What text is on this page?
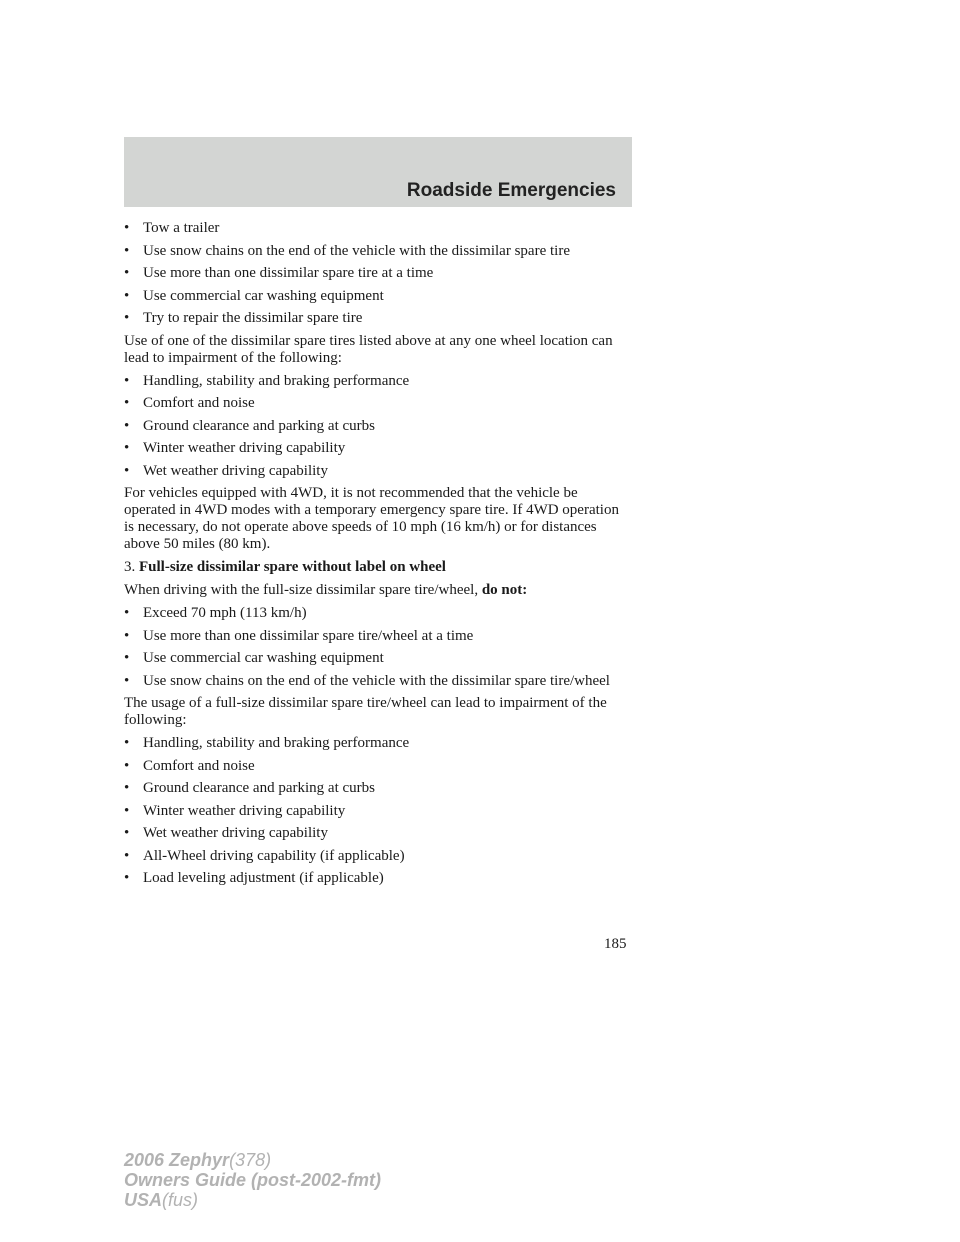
Roadside Emergencies
• Tow a trailer
• Use snow chains on the end of the vehicle with the dissimilar spare tire
• Use more than one dissimilar spare tire at a time
• Use commercial car washing equipment
• Try to repair the dissimilar spare tire
Use of one of the dissimilar spare tires listed above at any one wheel location can lead to impairment of the following:
• Handling, stability and braking performance
• Comfort and noise
• Ground clearance and parking at curbs
• Winter weather driving capability
• Wet weather driving capability
For vehicles equipped with 4WD, it is not recommended that the vehicle be operated in 4WD modes with a temporary emergency spare tire. If 4WD operation is necessary, do not operate above speeds of 10 mph (16 km/h) or for distances above 50 miles (80 km).
3. Full-size dissimilar spare without label on wheel
When driving with the full-size dissimilar spare tire/wheel, do not:
• Exceed 70 mph (113 km/h)
• Use more than one dissimilar spare tire/wheel at a time
• Use commercial car washing equipment
• Use snow chains on the end of the vehicle with the dissimilar spare tire/wheel
The usage of a full-size dissimilar spare tire/wheel can lead to impairment of the following:
• Handling, stability and braking performance
• Comfort and noise
• Ground clearance and parking at curbs
• Winter weather driving capability
• Wet weather driving capability
• All-Wheel driving capability (if applicable)
• Load leveling adjustment (if applicable)
185
2006 Zephyr(378)
Owners Guide (post-2002-fmt)
USA(fus)
